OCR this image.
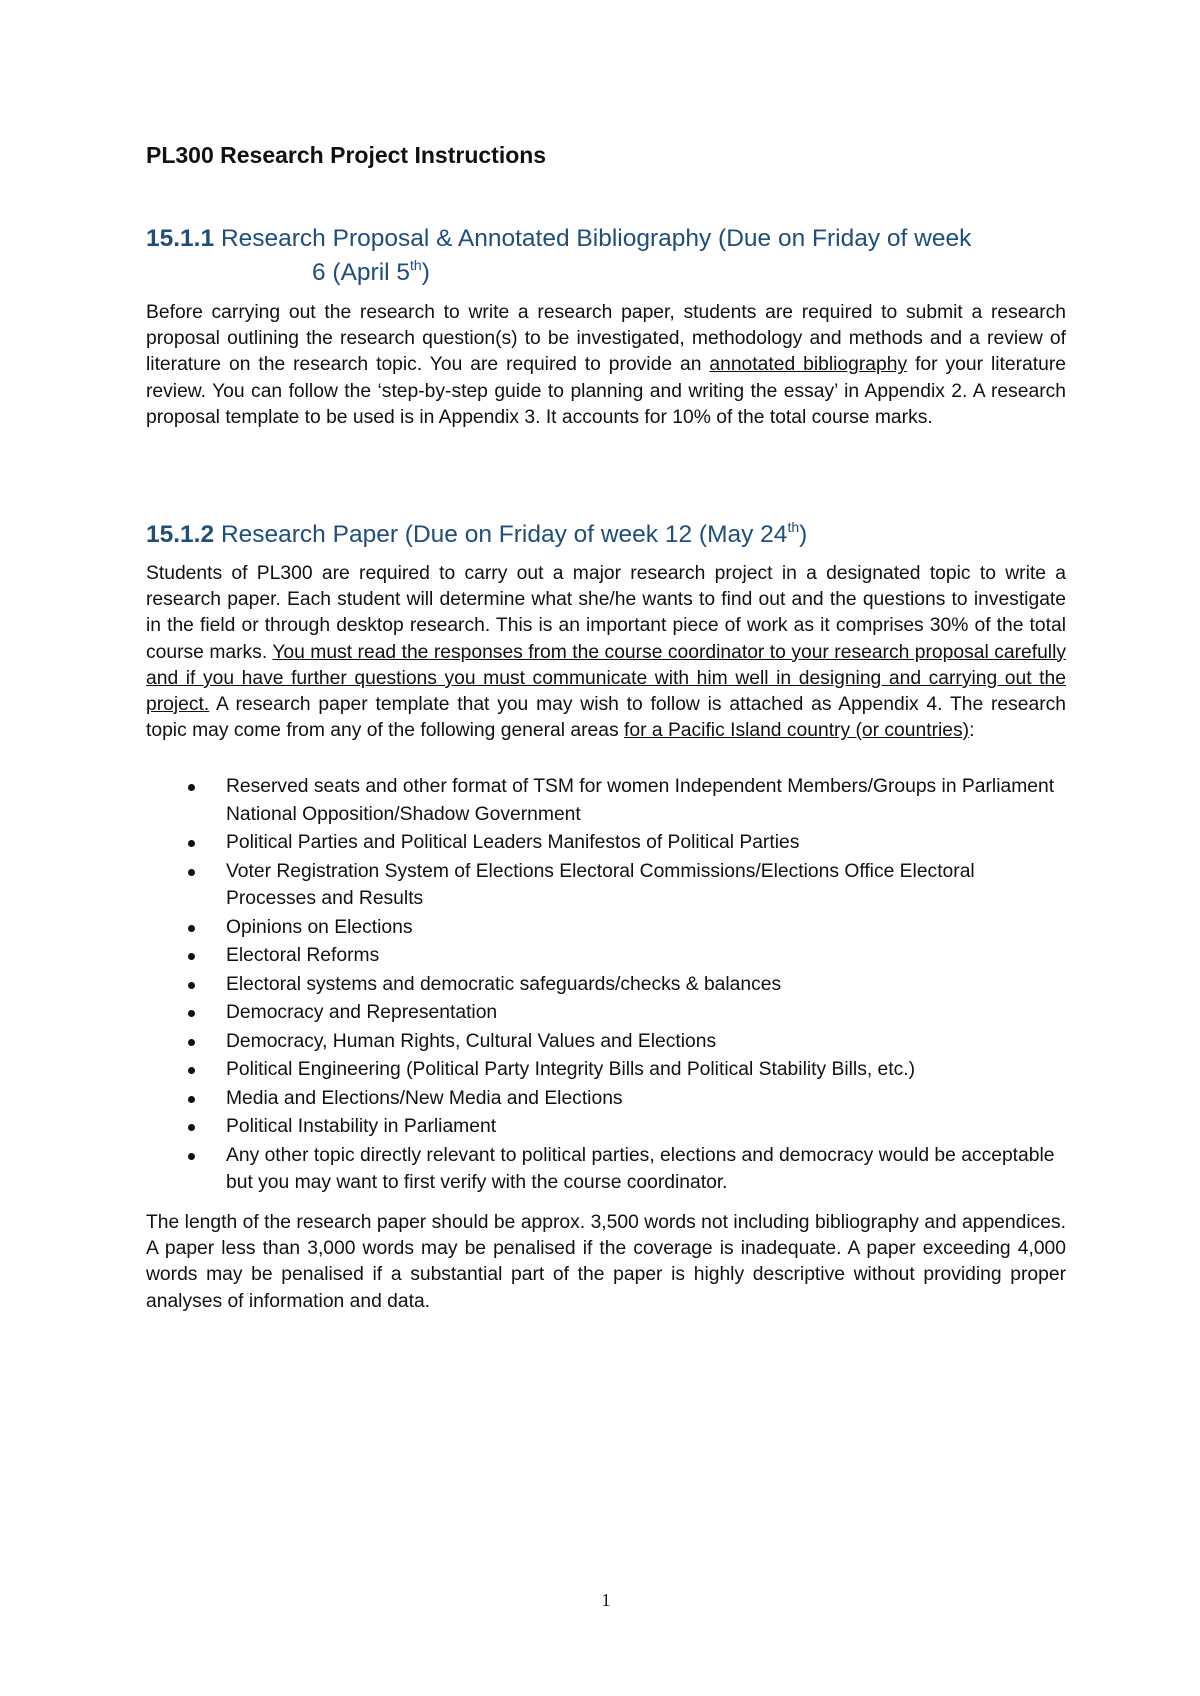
PL300 Research Project Instructions
15.1.1 Research Proposal & Annotated Bibliography (Due on Friday of week
6 (April 5th)

Before carrying out the research to write a research paper, students are required to submit a research proposal outlining the research question(s) to be investigated, methodology and methods and a review of literature on the research topic. You are required to provide an annotated bibliography for your literature review. You can follow the ‘step-by-step guide to planning and writing the essay’ in Appendix 2. A research proposal template to be used is in Appendix 3. It accounts for 10% of the total course marks.

15.1.2 Research Paper (Due on Friday of week 12 (May 24th)

Students of PL300 are required to carry out a major research project in a designated topic to write a research paper. Each student will determine what she/he wants to find out and the questions to investigate in the field or through desktop research. This is an important piece of work as it comprises 30% of the total course marks. You must read the responses from the course coordinator to your research proposal carefully and if you have further questions you must communicate with him well in designing and carrying out the project. A research paper template that you may wish to follow is attached as Appendix 4. The research topic may come from any of the following general areas for a Pacific Island country (or countries):

Reserved seats and other format of TSM for women Independent Members/Groups in Parliament National Opposition/Shadow Government
Political Parties and Political Leaders Manifestos of Political Parties
Voter Registration System of Elections Electoral Commissions/Elections Office Electoral Processes and Results
Opinions on Elections
Electoral Reforms
Electoral systems and democratic safeguards/checks & balances
Democracy and Representation
Democracy, Human Rights, Cultural Values and Elections
Political Engineering (Political Party Integrity Bills and Political Stability Bills, etc.)
Media and Elections/New Media and Elections
Political Instability in Parliament
Any other topic directly relevant to political parties, elections and democracy would be acceptable but you may want to first verify with the course coordinator.

The length of the research paper should be approx. 3,500 words not including bibliography and appendices. A paper less than 3,000 words may be penalised if the coverage is inadequate. A paper exceeding 4,000 words may be penalised if a substantial part of the paper is highly descriptive without providing proper analyses of information and data.

1
